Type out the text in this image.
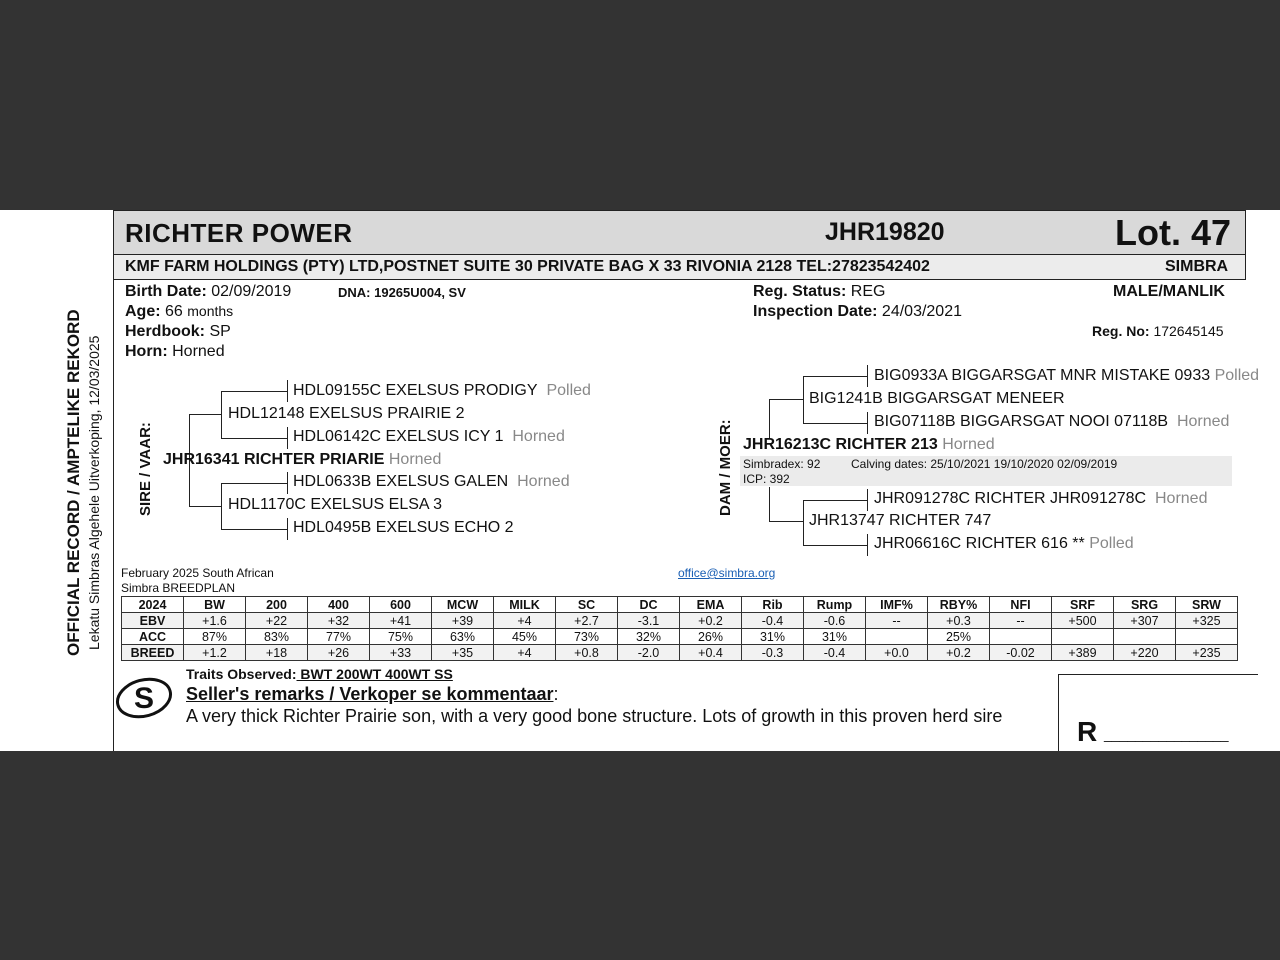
RICHTER POWER	JHR19820	Lot. 47
KMF FARM HOLDINGS (PTY) LTD,POSTNET SUITE 30 PRIVATE BAG X 33 RIVONIA 2128 TEL:27823542402	SIMBRA
OFFICIAL RECORD / AMPTELIKE REKORD Lekatu Simbras Algehele Uitverkoping, 12/03/2025
Birth Date: 02/09/2019	DNA: 19265U004, SV
Age: 66 months
Herdbook: SP
Horn: Horned
Reg. Status: REG
Inspection Date: 24/03/2021
MALE/MANLIK
Reg. No: 172645145
SIRE / VAAR:
HDL09155C EXELSUS PRODIGY Polled
HDL12148 EXELSUS PRAIRIE 2
HDL06142C EXELSUS ICY 1 Horned
JHR16341 RICHTER PRIARIE Horned
HDL0633B EXELSUS GALEN Horned
HDL1170C EXELSUS ELSA 3
HDL0495B EXELSUS ECHO 2
DAM / MOER:
BIG0933A BIGGARSGAT MNR MISTAKE 0933 Polled
BIG1241B BIGGARSGAT MENEER
BIG07118B BIGGARSGAT NOOI 07118B Horned
JHR16213C RICHTER 213 Horned
Simbradex: 92	Calving dates: 25/10/2021 19/10/2020 02/09/2019
ICP: 392
JHR091278C RICHTER JHR091278C Horned
JHR13747 RICHTER 747
JHR06616C RICHTER 616 ** Polled
February 2025 South African
Simbra BREEDPLAN
office@simbra.org
2024	BW	200	400	600	MCW	MILK	SC	DC	EMA	Rib	Rump	IMF%	RBY%	NFI	SRF	SRG	SRW
EBV	+1.6	+22	+32	+41	+39	+4	+2.7	-3.1	+0.2	-0.4	-0.6	--	+0.3	--	+500	+307	+325
ACC	87%	83%	77%	75%	63%	45%	73%	32%	26%	31%	31%		25%				
BREED	+1.2	+18	+26	+33	+35	+4	+0.8	-2.0	+0.4	-0.3	-0.4	+0.0	+0.2	-0.02	+389	+220	+235
S
Traits Observed: BWT 200WT 400WT SS
Seller's remarks / Verkoper se kommentaar:
A very thick Richter Prairie son, with a very good bone structure. Lots of growth in this proven herd sire	R ________________
